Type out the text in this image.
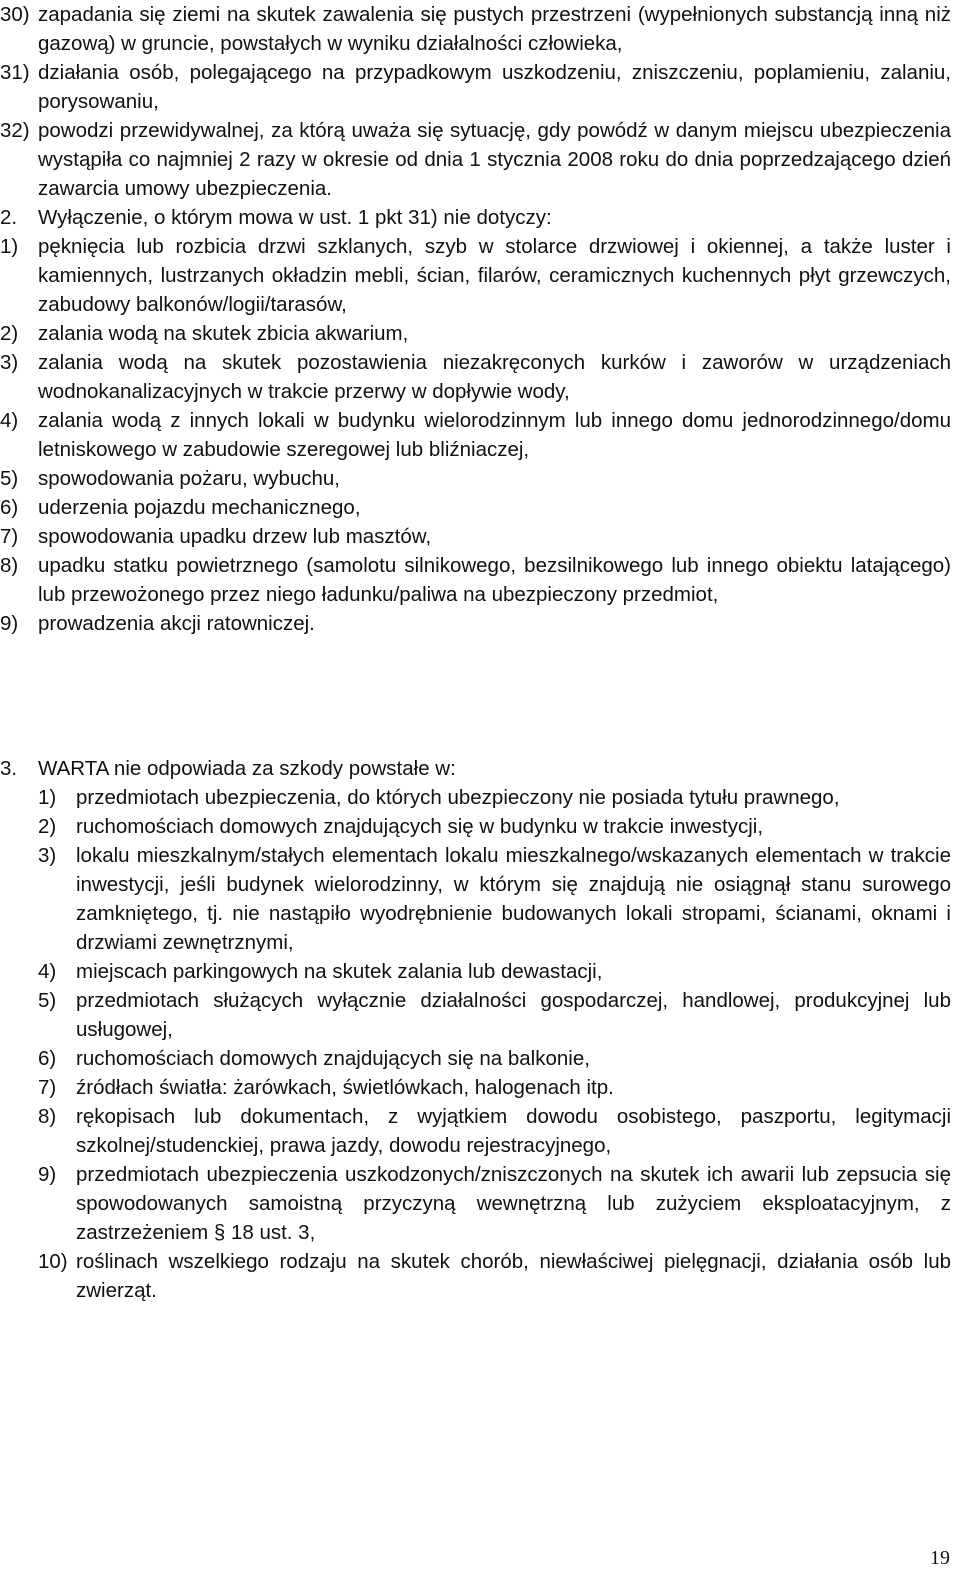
30) zapadania się ziemi na skutek zawalenia się pustych przestrzeni (wypełnionych substancją inną niż gazową) w gruncie, powstałych w wyniku działalności człowieka,
31) działania osób, polegającego na przypadkowym uszkodzeniu, zniszczeniu, poplamieniu, zalaniu, porysowaniu,
32) powodzi przewidywalnej, za którą uważa się sytuację, gdy powódź w danym miejscu ubezpieczenia wystąpiła co najmniej 2 razy w okresie od dnia 1 stycznia 2008 roku do dnia poprzedzającego dzień zawarcia umowy ubezpieczenia.
2.	Wyłączenie, o którym mowa w ust. 1 pkt 31) nie dotyczy:
1) pęknięcia lub rozbicia drzwi szklanych, szyb w stolarce drzwiowej i okiennej, a także luster i kamiennych, lustrzanych okładzin mebli, ścian, filarów, ceramicznych kuchennych płyt grzewczych, zabudowy balkonów/logii/tarasów,
2) zalania wodą na skutek zbicia akwarium,
3) zalania wodą na skutek pozostawienia niezakręconych kurków i zaworów w urządzeniach wodnokanalizacyjnych w trakcie przerwy w dopływie wody,
4) zalania wodą z innych lokali w budynku wielorodzinnym lub innego domu jednorodzinnego/domu letniskowego w zabudowie szeregowej lub bliźniaczej,
5) spowodowania pożaru, wybuchu,
6) uderzenia pojazdu mechanicznego,
7) spowodowania upadku drzew lub masztów,
8) upadku statku powietrznego (samolotu silnikowego, bezsilnikowego lub innego obiektu latającego) lub przewożonego przez niego ładunku/paliwa na ubezpieczony przedmiot,
9) prowadzenia akcji ratowniczej.
3.	WARTA nie odpowiada za szkody powstałe w:
1) przedmiotach ubezpieczenia, do których ubezpieczony nie posiada tytułu prawnego,
2) ruchomościach domowych znajdujących się w budynku w trakcie inwestycji,
3) lokalu mieszkalnym/stałych elementach lokalu mieszkalnego/wskazanych elementach w trakcie inwestycji, jeśli budynek wielorodzinny, w którym się znajdują nie osiągnął stanu surowego zamkniętego, tj. nie nastąpiło wyodrębnienie budowanych lokali stropami, ścianami, oknami i drzwiami zewnętrznymi,
4) miejscach parkingowych na skutek zalania lub dewastacji,
5) przedmiotach służących wyłącznie działalności gospodarczej, handlowej, produkcyjnej lub usługowej,
6) ruchomościach domowych znajdujących się na balkonie,
7) źródłach światła: żarówkach, świetlówkach, halogenach itp.
8) rękopisach lub dokumentach, z wyjątkiem dowodu osobistego, paszportu, legitymacji szkolnej/studenckiej, prawa jazdy, dowodu rejestracyjnego,
9) przedmiotach ubezpieczenia uszkodzonych/zniszczonych na skutek ich awarii lub zepsucia się spowodowanych samoistną przyczyną wewnętrzną lub zużyciem eksploatacyjnym, z zastrzeżeniem § 18 ust. 3,
10) roślinach wszelkiego rodzaju na skutek chorób, niewłaściwej pielęgnacji, działania osób lub zwierząt.
19
